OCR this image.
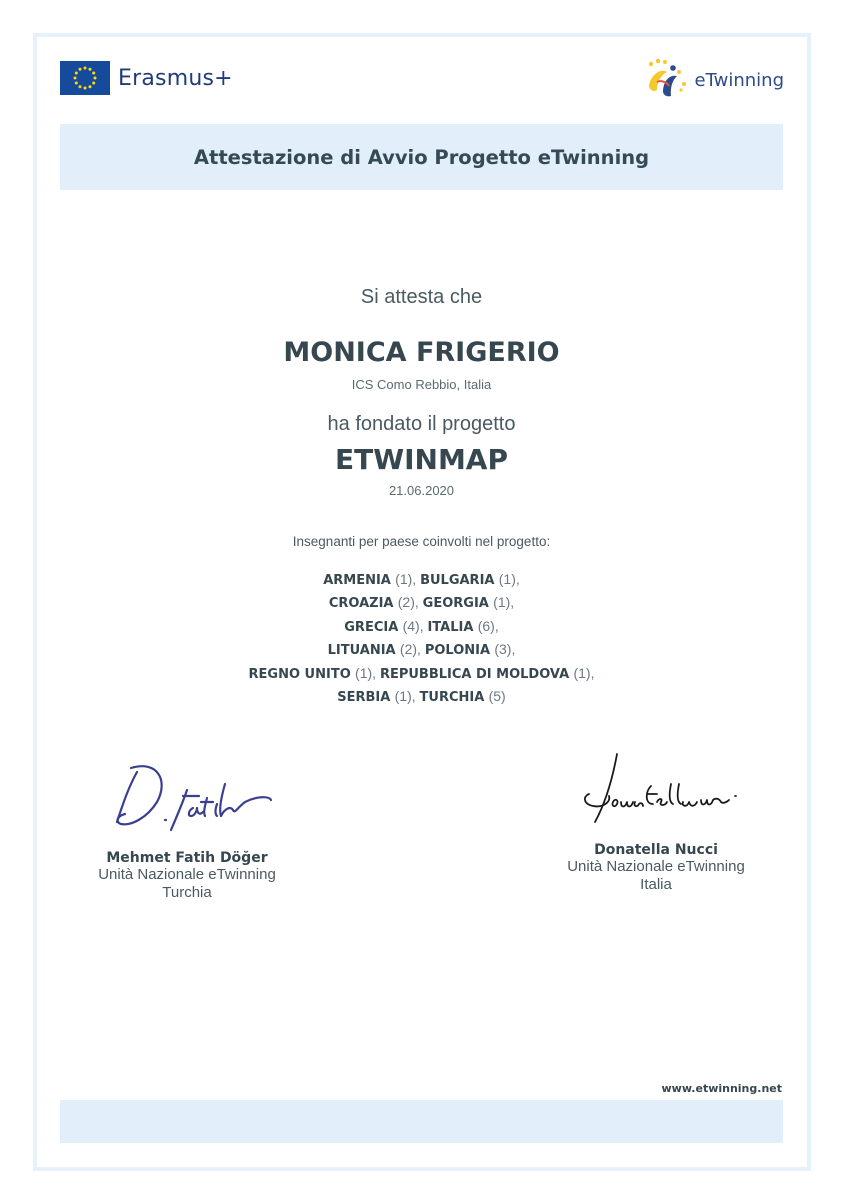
Erasmus+	eTwinning
Attestazione di Avvio Progetto eTwinning
Si attesta che
MONICA FRIGERIO
ICS Como Rebbio, Italia
ha fondato il progetto
ETWINMAP
21.06.2020
Insegnanti per paese coinvolti nel progetto:
ARMENIA (1), BULGARIA (1),
CROAZIA (2), GEORGIA (1),
GRECIA (4), ITALIA (6),
LITUANIA (2), POLONIA (3),
REGNO UNITO (1), REPUBBLICA DI MOLDOVA (1),
SERBIA (1), TURCHIA (5)
Mehmet Fatih Döğer
Unità Nazionale eTwinning
Turchia
Donatella Nucci
Unità Nazionale eTwinning
Italia
www.etwinning.net
